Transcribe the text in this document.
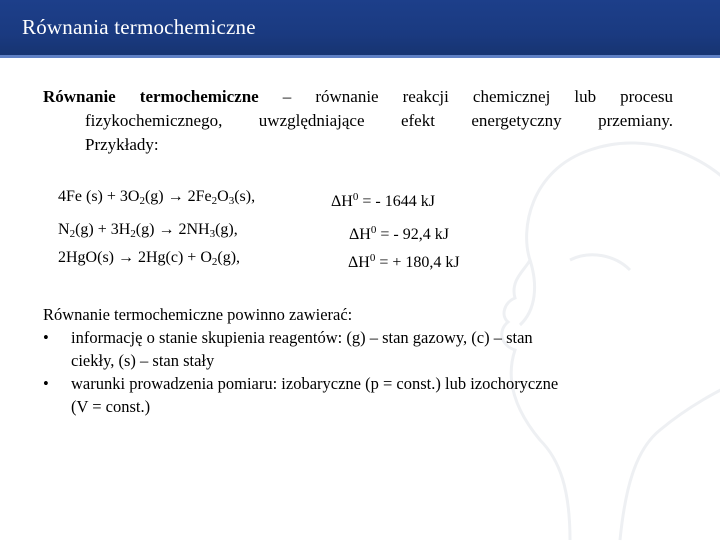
Równania termochemiczne
Równanie termochemiczne – równanie reakcji chemicznej lub procesu
fizykochemicznego, uwzględniające efekt energetyczny przemiany.
Przykłady:
4Fe $(s) + 3O_2(g) \to 2Fe_2O_3(s)$,	$\Delta H^0$ = - 1644 kJ
$N_2(g) + 3H_2(g) \to 2NH_3(g)$,	$\Delta H^0$ = - 92,4 kJ
$2HgO(s) \to 2Hg(c) + O_2(g)$,	$\Delta H^0$ = + 180,4 kJ
Równanie termochemiczne powinno zawierać:
•	informację o stanie skupienia reagentów: (g) – stan gazowy, (c) – stan
ciekły, (s) – stan stały
•	warunki prowadzenia pomiaru: izobaryczne (p = const.) lub izochoryczne
(V = const.)
